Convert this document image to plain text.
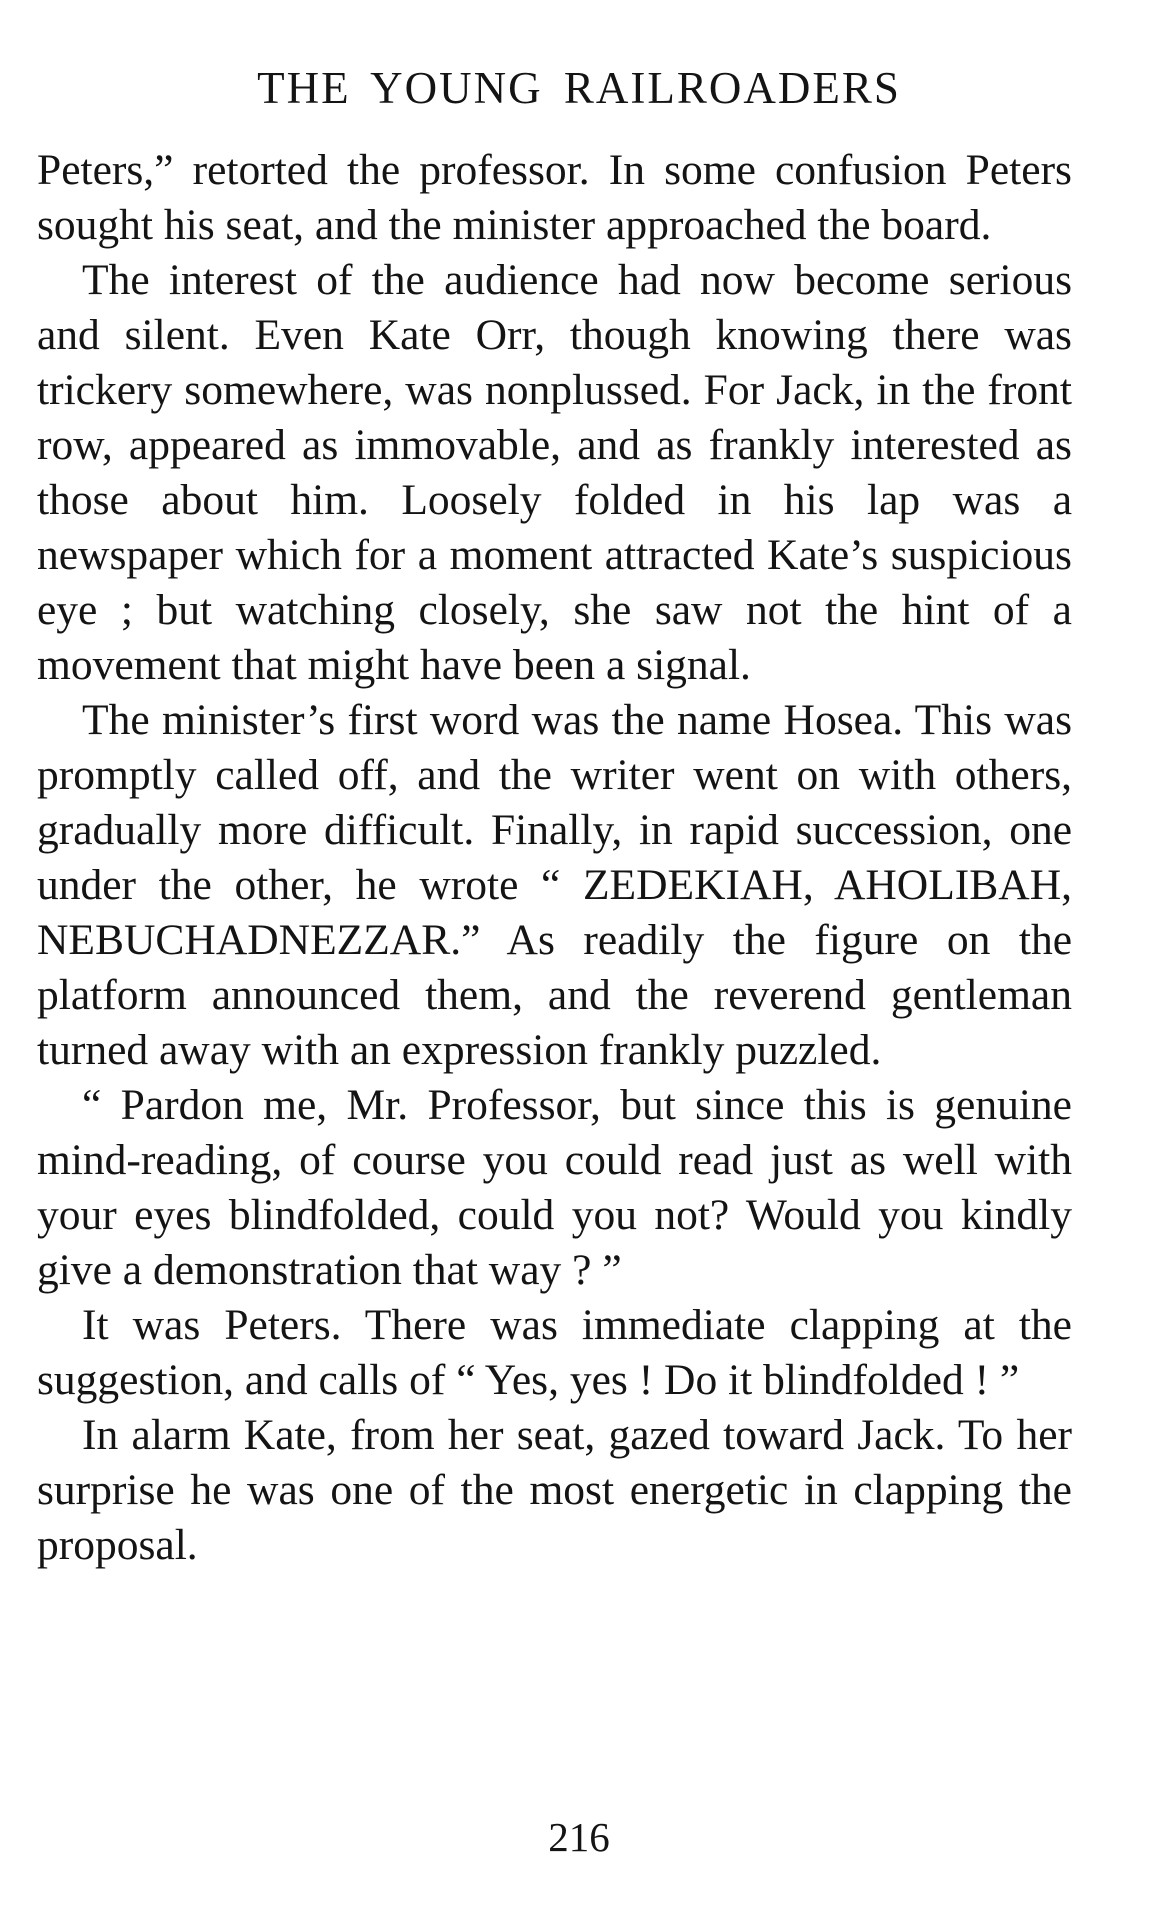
THE YOUNG RAILROADERS

Peters,” retorted the professor. In some confusion Peters sought his seat, and the minister approached the board.

The interest of the audience had now become serious and silent. Even Kate Orr, though knowing there was trickery somewhere, was nonplussed. For Jack, in the front row, appeared as immovable, and as frankly interested as those about him. Loosely folded in his lap was a newspaper which for a moment attracted Kate’s suspicious eye ; but watching closely, she saw not the hint of a movement that might have been a signal.

The minister’s first word was the name Hosea. This was promptly called off, and the writer went on with others, gradually more difficult. Finally, in rapid succession, one under the other, he wrote “ ZEDEKIAH, AHOLIBAH, NEBUCHADNEZZAR.” As readily the figure on the platform announced them, and the reverend gentleman turned away with an expression frankly puzzled.

“ Pardon me, Mr. Professor, but since this is genuine mind-reading, of course you could read just as well with your eyes blindfolded, could you not? Would you kindly give a demonstration that way ? ”

It was Peters. There was immediate clapping at the suggestion, and calls of “ Yes, yes ! Do it blindfolded ! ”

In alarm Kate, from her seat, gazed toward Jack. To her surprise he was one of the most energetic in clapping the proposal.

216
